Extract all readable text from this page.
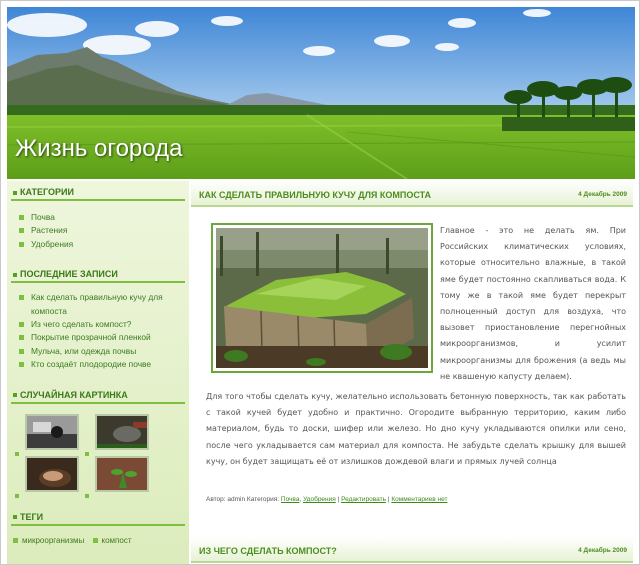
Жизнь огорода
КАТЕГОРИИ
Почва
Растения
Удобрения
ПОСЛЕДНИЕ ЗАПИСИ
Как сделать правильную кучу для компоста
Из чего сделать компост?
Покрытие прозрачной пленкой
Мульча, или одежда почвы
Кто создаёт плодородие почве
СЛУЧАЙНАЯ КАРТИНКА
ТЕГИ
микроорганизмы компост
КАК СДЕЛАТЬ ПРАВИЛЬНУЮ КУЧУ ДЛЯ КОМПОСТА	4 Декабрь 2009
Главное - это не делать ям. При Российских климатических условиях, которые относительно влажные, в такой яме будет постоянно скапливаться вода. К тому же в такой яме будет перекрыт полноценный доступ для воздуха, что вызовет приостановление перегнойных микроорганизмов, и усилит микроорганизмы для брожения (а ведь мы не квашеную капусту делаем).
Для того чтобы сделать кучу, желательно использовать бетонную поверхность, так как работать с такой кучей будет удобно и практично. Огородите выбранную территорию, каким либо материалом, будь то доски, шифер или железо. Но дно кучу укладываются опилки или сено, после чего укладывается сам материал для компоста. Не забудьте сделать крышку для вышей кучу, он будет защищать её от излишков дождевой влаги и прямых лучей солнца
Автор: admin Категория: Почва, Удобрения | Редактировать | Комментариев нет
ИЗ ЧЕГО СДЕЛАТЬ КОМПОСТ?	4 Декабрь 2009
